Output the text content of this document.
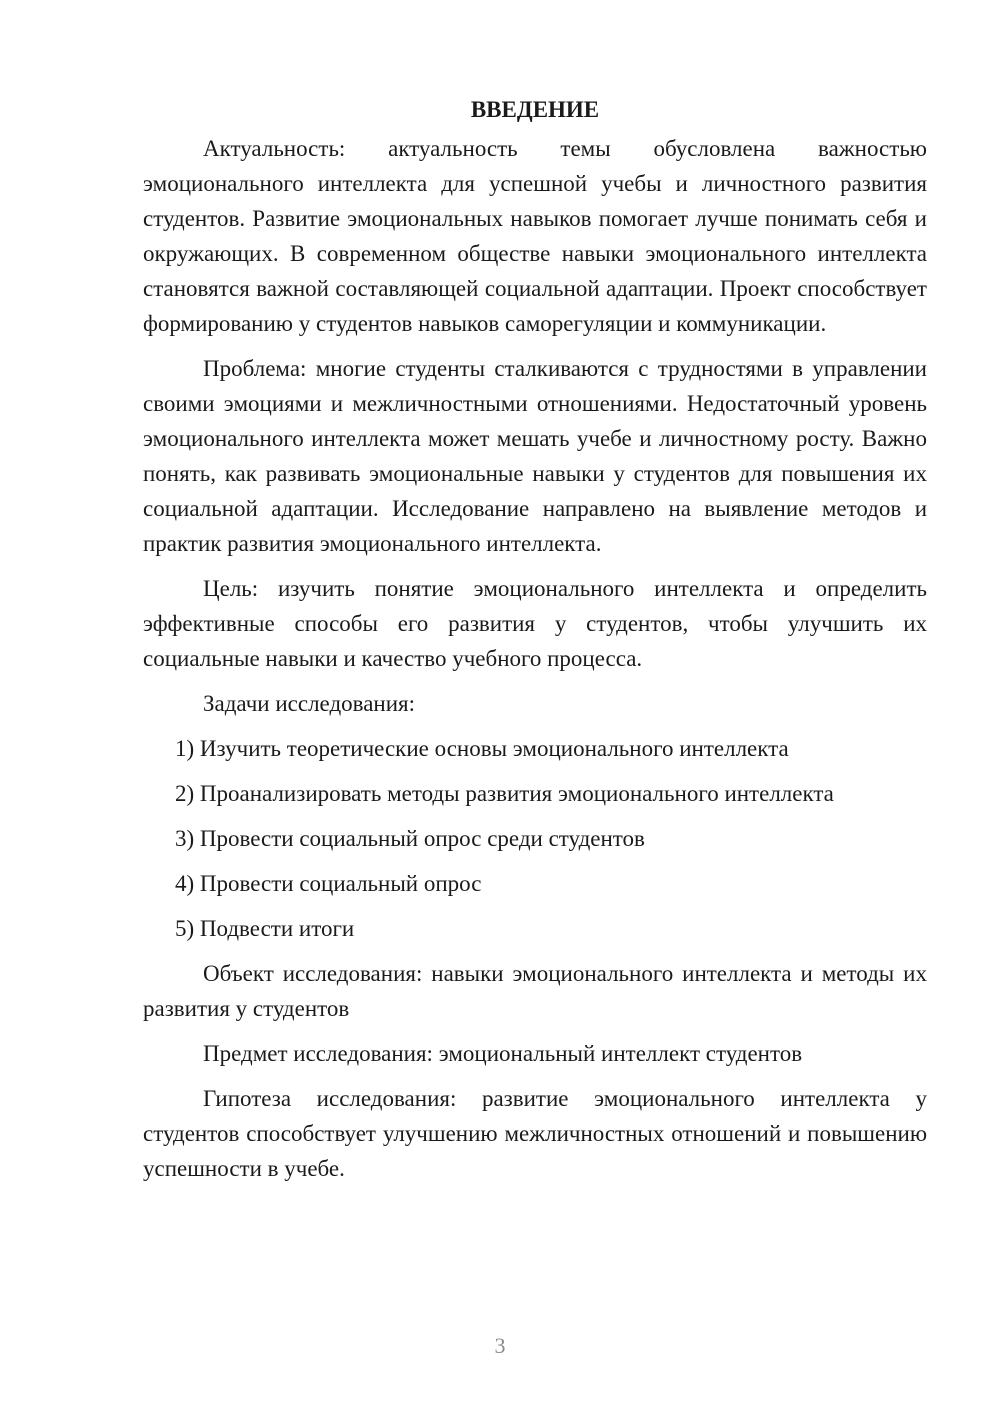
ВВЕДЕНИЕ

Актуальность: актуальность темы обусловлена важностью эмоционального интеллекта для успешной учебы и личностного развития студентов. Развитие эмоциональных навыков помогает лучше понимать себя и окружающих. В современном обществе навыки эмоционального интеллекта становятся важной составляющей социальной адаптации. Проект способствует формированию у студентов навыков саморегуляции и коммуникации.

Проблема: многие студенты сталкиваются с трудностями в управлении своими эмоциями и межличностными отношениями. Недостаточный уровень эмоционального интеллекта может мешать учебе и личностному росту. Важно понять, как развивать эмоциональные навыки у студентов для повышения их социальной адаптации. Исследование направлено на выявление методов и практик развития эмоционального интеллекта.

Цель: изучить понятие эмоционального интеллекта и определить эффективные способы его развития у студентов, чтобы улучшить их социальные навыки и качество учебного процесса.

Задачи исследования:

1) Изучить теоретические основы эмоционального интеллекта
2) Проанализировать методы развития эмоционального интеллекта
3) Провести социальный опрос среди студентов
4) Провести социальный опрос
5) Подвести итоги

Объект исследования: навыки эмоционального интеллекта и методы их развития у студентов

Предмет исследования: эмоциональный интеллект студентов

Гипотеза исследования: развитие эмоционального интеллекта у студентов способствует улучшению межличностных отношений и повышению успешности в учебе.

3
